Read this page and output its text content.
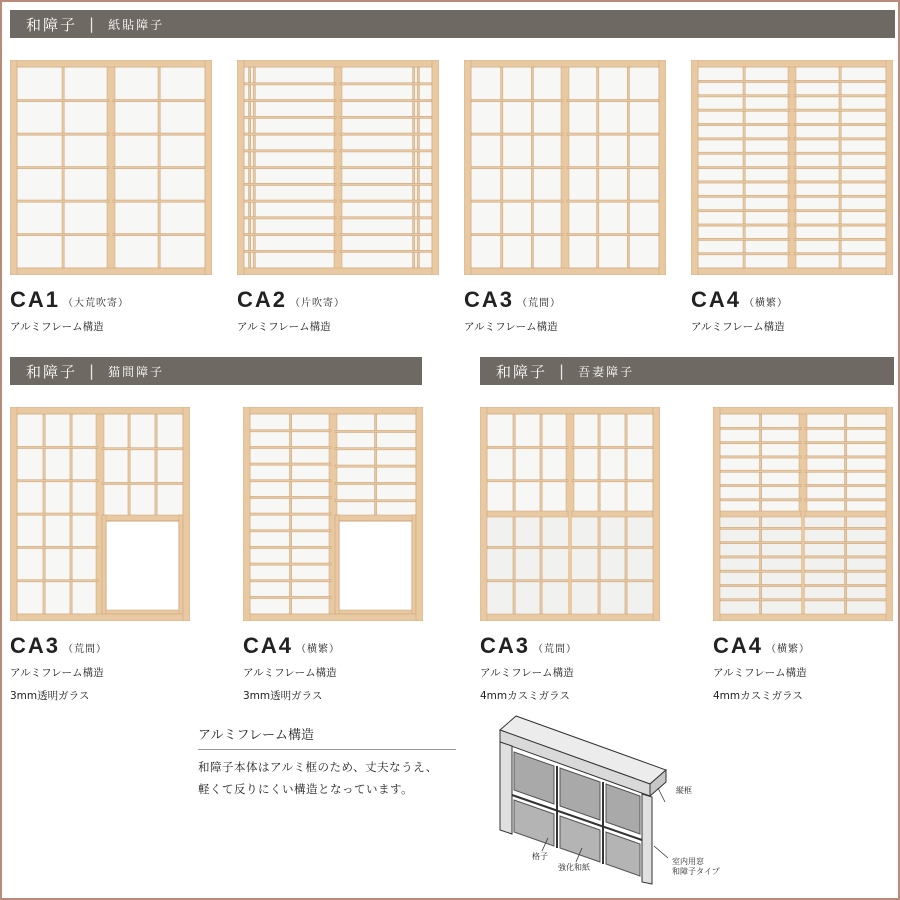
和障子 | 紙貼障子
和障子 | 猫間障子	和障子 | 吾妻障子
CA1 （大荒吹寄）
アルミフレーム構造
CA2 （片吹寄）
アルミフレーム構造
CA3 （荒間）
アルミフレーム構造
CA4 （横繁）
アルミフレーム構造
CA3 （荒間）
アルミフレーム構造
3mm透明ガラス
CA4 （横繁）
アルミフレーム構造
3mm透明ガラス
CA3 （荒間）
アルミフレーム構造
4mmカスミガラス
CA4 （横繁）
アルミフレーム構造
4mmカスミガラス
アルミフレーム構造
和障子本体はアルミ框のため、丈夫なうえ、
軽くて反りにくい構造となっています。	縦框
格子
強化和紙
室内用窓
和障子タイプ
